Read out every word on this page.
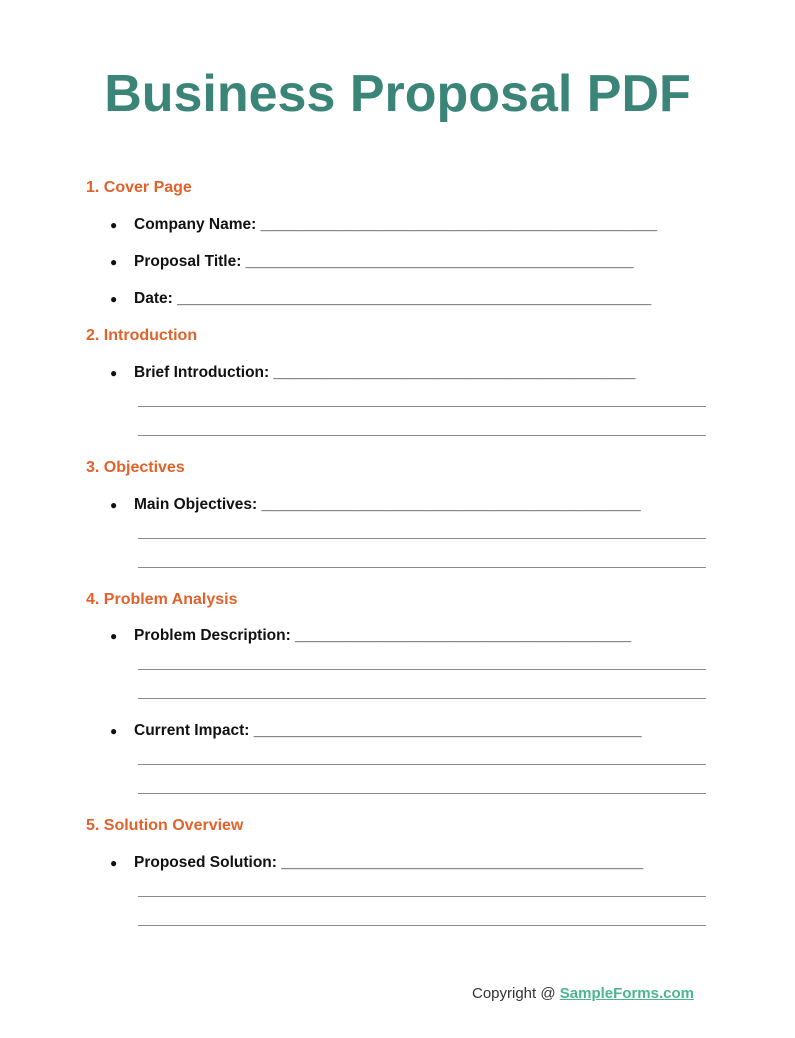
Business Proposal PDF
1. Cover Page
● Company Name: ______________________________________________
● Proposal Title: _____________________________________________
● Date: _______________________________________________________
2. Introduction
● Brief Introduction: __________________________________________
3. Objectives
● Main Objectives: ____________________________________________
4. Problem Analysis
● Problem Description: _______________________________________
● Current Impact: _____________________________________________
5. Solution Overview
● Proposed Solution: __________________________________________
Copyright @ SampleForms.com
